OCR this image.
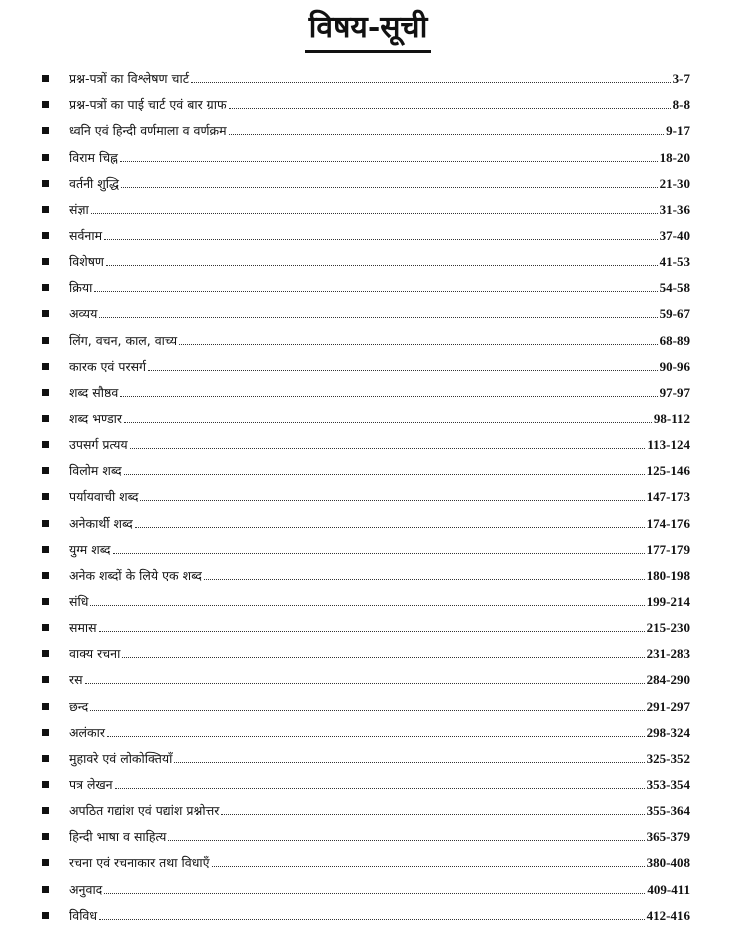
विषय-सूची
प्रश्न-पत्रों का विश्लेषण चार्ट	3-7
प्रश्न-पत्रों का पाई चार्ट एवं बार ग्राफ	8-8
ध्वनि एवं हिन्दी वर्णमाला व वर्णक्रम	9-17
विराम चिह्न	18-20
वर्तनी शुद्धि	21-30
संज्ञा	31-36
सर्वनाम	37-40
विशेषण	41-53
क्रिया	54-58
अव्यय	59-67
लिंग, वचन, काल, वाच्य	68-89
कारक एवं परसर्ग	90-96
शब्द सौष्ठव	97-97
शब्द भण्डार	98-112
उपसर्ग प्रत्यय	113-124
विलोम शब्द	125-146
पर्यायवाची शब्द	147-173
अनेकार्थी शब्द	174-176
युग्म शब्द	177-179
अनेक शब्दों के लिये एक शब्द	180-198
संधि	199-214
समास	215-230
वाक्य रचना	231-283
रस	284-290
छन्द	291-297
अलंकार	298-324
मुहावरे एवं लोकोक्तियाँ	325-352
पत्र लेखन	353-354
अपठित गद्यांश एवं पद्यांश प्रश्नोत्तर	355-364
हिन्दी भाषा व साहित्य	365-379
रचना एवं रचनाकार तथा विधाएँ	380-408
अनुवाद	409-411
विविध	412-416
